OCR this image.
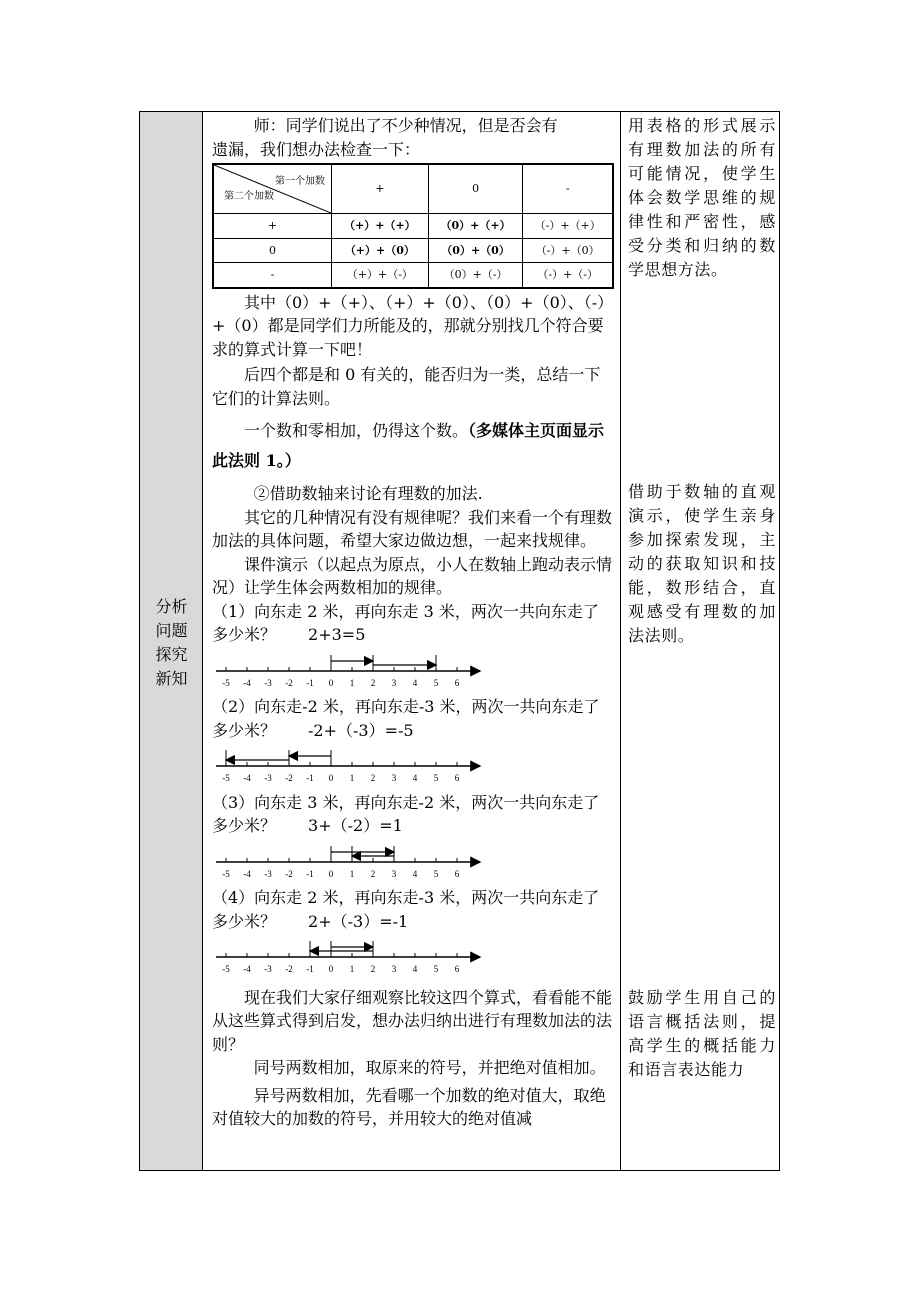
分析
问题
探究
新知

师：同学们说出了不少种情况，但是否会有

遗漏，我们想办法检查一下：

第一个加数
第二个加数	+	0	-
+	（+）+（+）	（0）+（+）	（-）+（+）
0	（+）+（0）	（0）+（0）	（-）+（0）
-	（+）+（-）	（0）+（-）	（-）+（-）

其中（0）+（+）、（+）+（0）、（0）+（0）、（-）+（0）都是同学们力所能及的，那就分别找几个符合要求的算式计算一下吧！

后四个都是和 0 有关的，能否归为一类，总结一下它们的计算法则。

一个数和零相加，仍得这个数。（多媒体主页面显示此法则 1。）

②借助数轴来讨论有理数的加法.

其它的几种情况有没有规律呢？我们来看一个有理数加法的具体问题，希望大家边做边想，一起来找规律。

课件演示（以起点为原点，小人在数轴上跑动表示情况）让学生体会两数相加的规律。

（1）向东走 2 米，再向东走 3 米，两次一共向东走了多少米？ 2+3=5

-5 -4 -3 -2 -1 0 1 2 3 4 5 6

（2）向东走-2 米，再向东走-3 米，两次一共向东走了多少米？ -2+（-3）=-5

-5 -4 -3 -2 -1 0 1 2 3 4 5 6

（3）向东走 3 米，再向东走-2 米，两次一共向东走了多少米？ 3+（-2）=1

-5 -4 -3 -2 -1 0 1 2 3 4 5 6

（4）向东走 2 米，再向东走-3 米，两次一共向东走了多少米？ 2+（-3）=-1

-5 -4 -3 -2 -1 0 1 2 3 4 5 6

现在我们大家仔细观察比较这四个算式，看看能不能从这些算式得到启发，想办法归纳出进行有理数加法的法则？

同号两数相加，取原来的符号，并把绝对值相加。

异号两数相加，先看哪一个加数的绝对值大，取绝对值较大的加数的符号，并用较大的绝对值减

用表格的形式展示有理数加法的所有可能情况，使学生体会数学思维的规律性和严密性，感受分类和归纳的数学思想方法。
借助于数轴的直观演示，使学生亲身参加探索发现，主动的获取知识和技能，数形结合，直观感受有理数的加法法则。
鼓励学生用自己的语言概括法则，提高学生的概括能力和语言表达能力
